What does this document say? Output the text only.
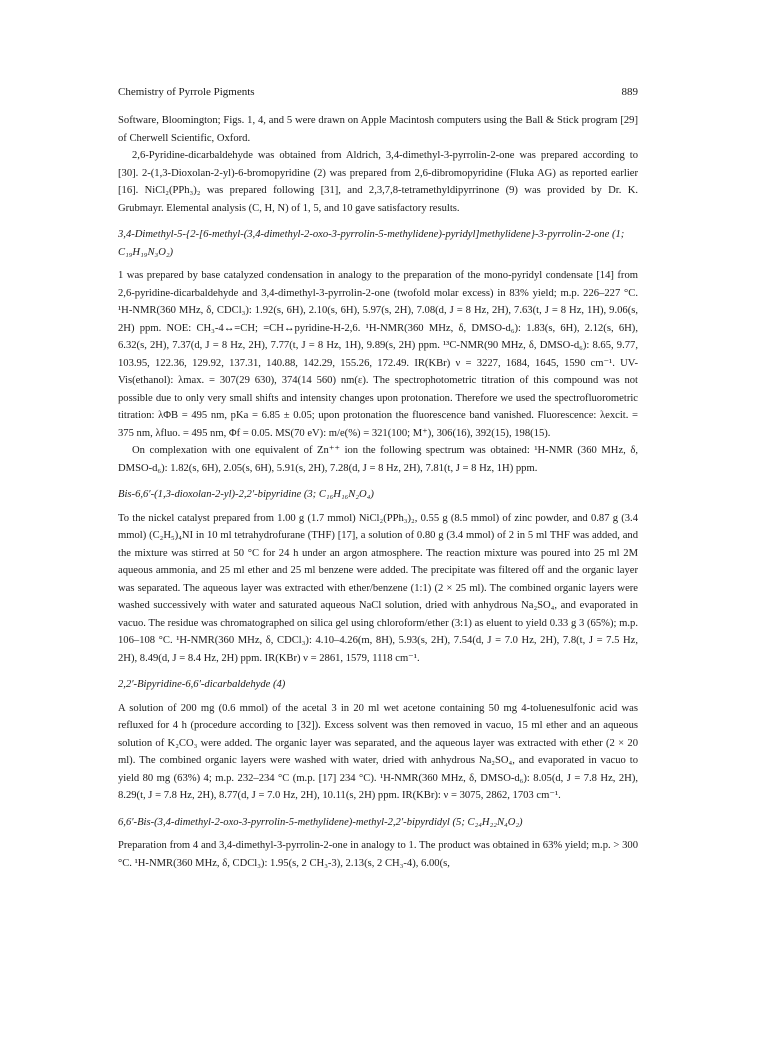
Chemistry of Pyrrole Pigments	889

Software, Bloomington; Figs. 1, 4, and 5 were drawn on Apple Macintosh computers using the Ball & Stick program [29] of Cherwell Scientific, Oxford.

2,6-Pyridine-dicarbaldehyde was obtained from Aldrich, 3,4-dimethyl-3-pyrrolin-2-one was prepared according to [30]. 2-(1,3-Dioxolan-2-yl)-6-bromopyridine (2) was prepared from 2,6-dibromopyridine (Fluka AG) as reported earlier [16]. NiCl₂(PPh₃)₂ was prepared following [31], and 2,3,7,8-tetramethyldipyrrinone (9) was provided by Dr. K. Grubmayr. Elemental analysis (C, H, N) of 1, 5, and 10 gave satisfactory results.

3,4-Dimethyl-5-{2-[6-methyl-(3,4-dimethyl-2-oxo-3-pyrrolin-5-methylidene)-pyridyl]methylidene}-3-pyrrolin-2-one (1; C₁₉H₁₉N₃O₂)

1 was prepared by base catalyzed condensation in analogy to the preparation of the mono-pyridyl condensate [14] from 2,6-pyridine-dicarbaldehyde and 3,4-dimethyl-3-pyrrolin-2-one (twofold molar excess) in 83% yield; m.p. 226–227 °C. ¹H-NMR(360 MHz, δ, CDCl₃): 1.92(s, 6H), 2.10(s, 6H), 5.97(s, 2H), 7.08(d, J = 8 Hz, 2H), 7.63(t, J = 8 Hz, 1H), 9.06(s, 2H) ppm. NOE: CH₃-4↔=CH; =CH↔pyridine-H-2,6. ¹H-NMR(360 MHz, δ, DMSO-d₆): 1.83(s, 6H), 2.12(s, 6H), 6.32(s, 2H), 7.37(d, J = 8 Hz, 2H), 7.77(t, J = 8 Hz, 1H), 9.89(s, 2H) ppm. ¹³C-NMR(90 MHz, δ, DMSO-d₆): 8.65, 9.77, 103.95, 122.36, 129.92, 137.31, 140.88, 142.29, 155.26, 172.49. IR(KBr) ν = 3227, 1684, 1645, 1590 cm⁻¹. UV-Vis(ethanol): λmax. = 307(29 630), 374(14 560) nm(ε). The spectrophotometric titration of this compound was not possible due to only very small shifts and intensity changes upon protonation. Therefore we used the spectrofluorometric titration: λΦB = 495 nm, pKa = 6.85 ± 0.05; upon protonation the fluorescence band vanished. Fluorescence: λexcit. = 375 nm, λfluo. = 495 nm, Φf = 0.05. MS(70 eV): m/e(%) = 321(100; M⁺), 306(16), 392(15), 198(15).

On complexation with one equivalent of Zn⁺⁺ ion the following spectrum was obtained: ¹H-NMR (360 MHz, δ, DMSO-d₆): 1.82(s, 6H), 2.05(s, 6H), 5.91(s, 2H), 7.28(d, J = 8 Hz, 2H), 7.81(t, J = 8 Hz, 1H) ppm.

Bis-6,6′-(1,3-dioxolan-2-yl)-2,2′-bipyridine (3; C₁₆H₁₆N₂O₄)

To the nickel catalyst prepared from 1.00 g (1.7 mmol) NiCl₂(PPh₃)₂, 0.55 g (8.5 mmol) of zinc powder, and 0.87 g (3.4 mmol) (C₂H₅)₄NI in 10 ml tetrahydrofurane (THF) [17], a solution of 0.80 g (3.4 mmol) of 2 in 5 ml THF was added, and the mixture was stirred at 50 °C for 24 h under an argon atmosphere. The reaction mixture was poured into 25 ml 2M aqueous ammonia, and 25 ml ether and 25 ml benzene were added. The precipitate was filtered off and the organic layer was separated. The aqueous layer was extracted with ether/benzene (1:1) (2 × 25 ml). The combined organic layers were washed successively with water and saturated aqueous NaCl solution, dried with anhydrous Na₂SO₄, and evaporated in vacuo. The residue was chromatographed on silica gel using chloroform/ether (3:1) as eluent to yield 0.33 g 3 (65%); m.p. 106–108 °C. ¹H-NMR(360 MHz, δ, CDCl₃): 4.10–4.26(m, 8H), 5.93(s, 2H), 7.54(d, J = 7.0 Hz, 2H), 7.8(t, J = 7.5 Hz, 2H), 8.49(d, J = 8.4 Hz, 2H) ppm. IR(KBr) ν = 2861, 1579, 1118 cm⁻¹.

2,2′-Bipyridine-6,6′-dicarbaldehyde (4)

A solution of 200 mg (0.6 mmol) of the acetal 3 in 20 ml wet acetone containing 50 mg 4-toluenesulfonic acid was refluxed for 4 h (procedure according to [32]). Excess solvent was then removed in vacuo, 15 ml ether and an aqueous solution of K₂CO₃ were added. The organic layer was separated, and the aqueous layer was extracted with ether (2 × 20 ml). The combined organic layers were washed with water, dried with anhydrous Na₂SO₄, and evaporated in vacuo to yield 80 mg (63%) 4; m.p. 232–234 °C (m.p. [17] 234 °C). ¹H-NMR(360 MHz, δ, DMSO-d₆): 8.05(d, J = 7.8 Hz, 2H), 8.29(t, J = 7.8 Hz, 2H), 8.77(d, J = 7.0 Hz, 2H), 10.11(s, 2H) ppm. IR(KBr): ν = 3075, 2862, 1703 cm⁻¹.

6,6′-Bis-(3,4-dimethyl-2-oxo-3-pyrrolin-5-methylidene)-methyl-2,2′-bipyrdidyl (5; C₂₄H₂₂N₄O₂)

Preparation from 4 and 3,4-dimethyl-3-pyrrolin-2-one in analogy to 1. The product was obtained in 63% yield; m.p. > 300 °C. ¹H-NMR(360 MHz, δ, CDCl₃): 1.95(s, 2 CH₃-3), 2.13(s, 2 CH₃-4), 6.00(s,
